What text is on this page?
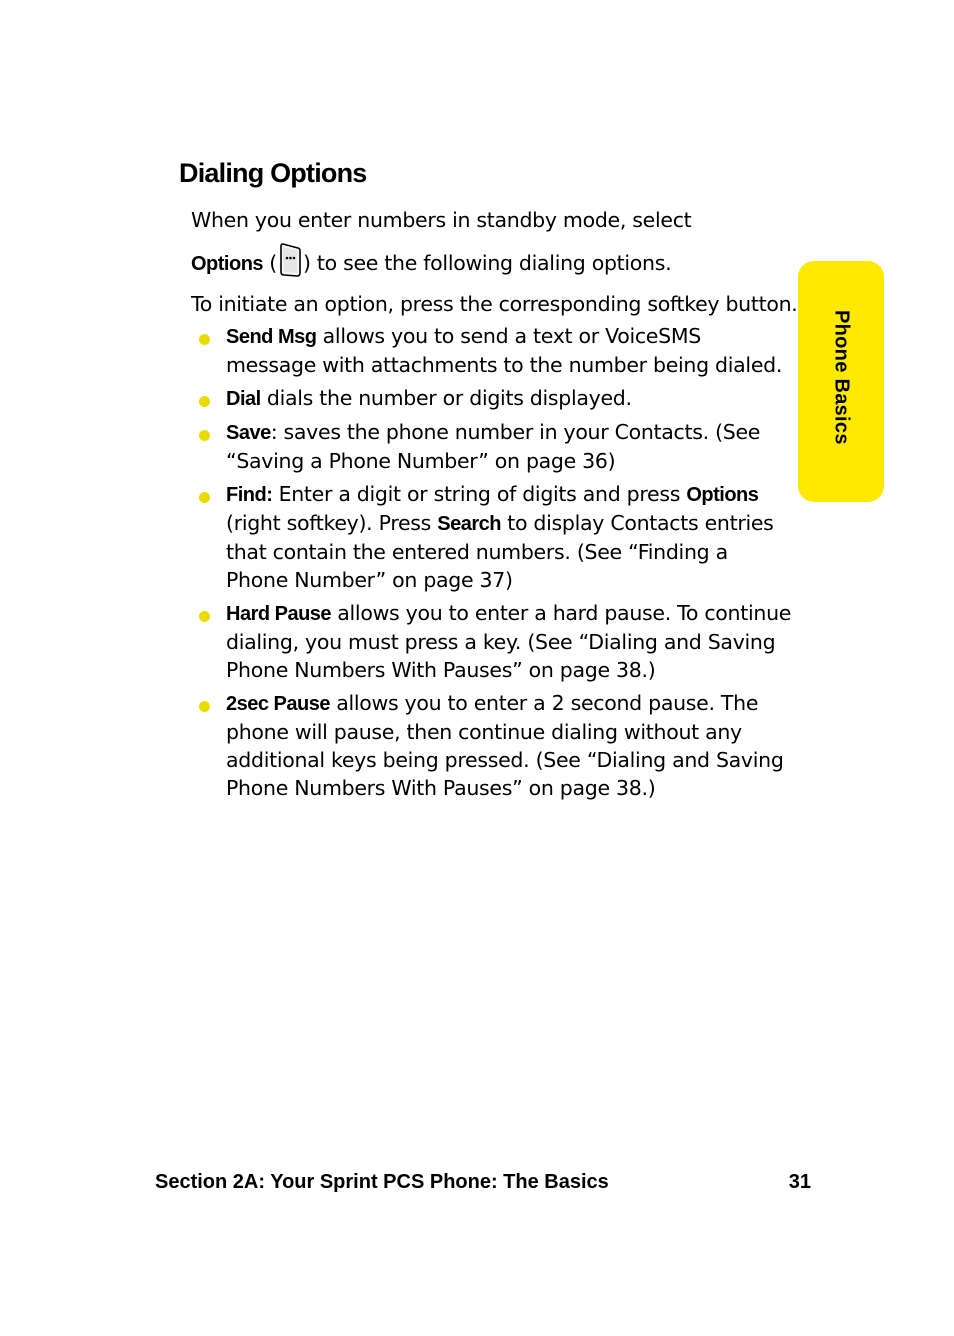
Dialing Options

When you enter numbers in standby mode, select

Options ( ) to see the following dialing options.

To initiate an option, press the corresponding softkey button.

Send Msg allows you to send a text or VoiceSMS message with attachments to the number being dialed.
Dial dials the number or digits displayed.
Save: saves the phone number in your Contacts. (See “Saving a Phone Number” on page 36)
Find: Enter a digit or string of digits and press Options (right softkey). Press Search to display Contacts entries that contain the entered numbers. (See “Finding a Phone Number” on page 37)
Hard Pause allows you to enter a hard pause. To continue dialing, you must press a key. (See “Dialing and Saving Phone Numbers With Pauses” on page 38.)
2sec Pause allows you to enter a 2 second pause. The phone will pause, then continue dialing without any additional keys being pressed. (See “Dialing and Saving Phone Numbers With Pauses” on page 38.)
Phone Basics
Section 2A: Your Sprint PCS Phone: The Basics	31
